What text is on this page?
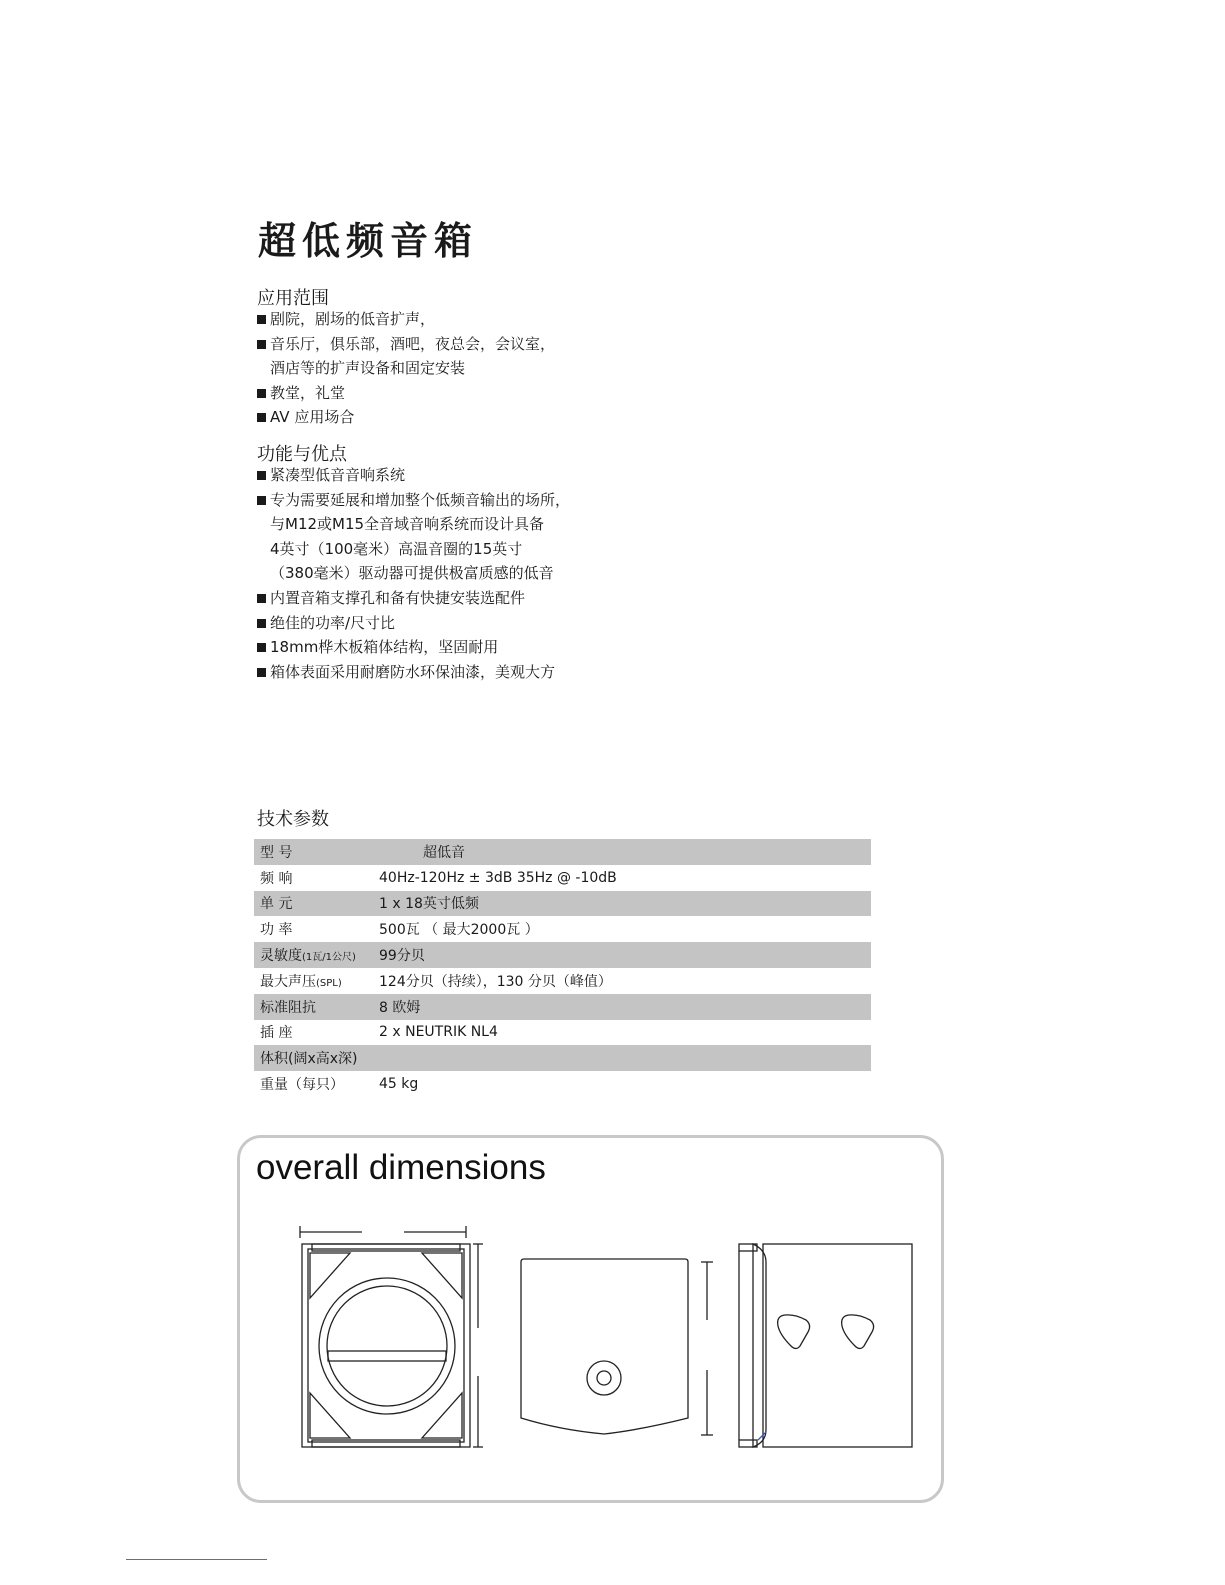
超低频音箱
应用范围
剧院，剧场的低音扩声，
音乐厅，俱乐部，酒吧，夜总会，会议室，
酒店等的扩声设备和固定安装
教堂，礼堂
AV 应用场合
功能与优点
紧凑型低音音响系统
专为需要延展和增加整个低频音输出的场所，
与M12或M15全音域音响系统而设计具备
4英寸（100毫米）高温音圈的15英寸
（380毫米）驱动器可提供极富质感的低音
内置音箱支撑孔和备有快捷安装选配件
绝佳的功率/尺寸比
18mm桦木板箱体结构，坚固耐用
箱体表面采用耐磨防水环保油漆，美观大方
技术参数
型 号	超低音
频 响	40Hz-120Hz ± 3dB 35Hz @ -10dB
单 元	1 x 18英寸低频
功 率	500瓦 （ 最大2000瓦 ）
灵敏度(1瓦/1公尺)	99分贝
最大声压(SPL)	124分贝（持续），130 分贝（峰值）
标准阻抗	8 欧姆
插 座	2 x NEUTRIK NL4
体积(阔x高x深)	
重量（每只）	45 kg
overall dimensions
